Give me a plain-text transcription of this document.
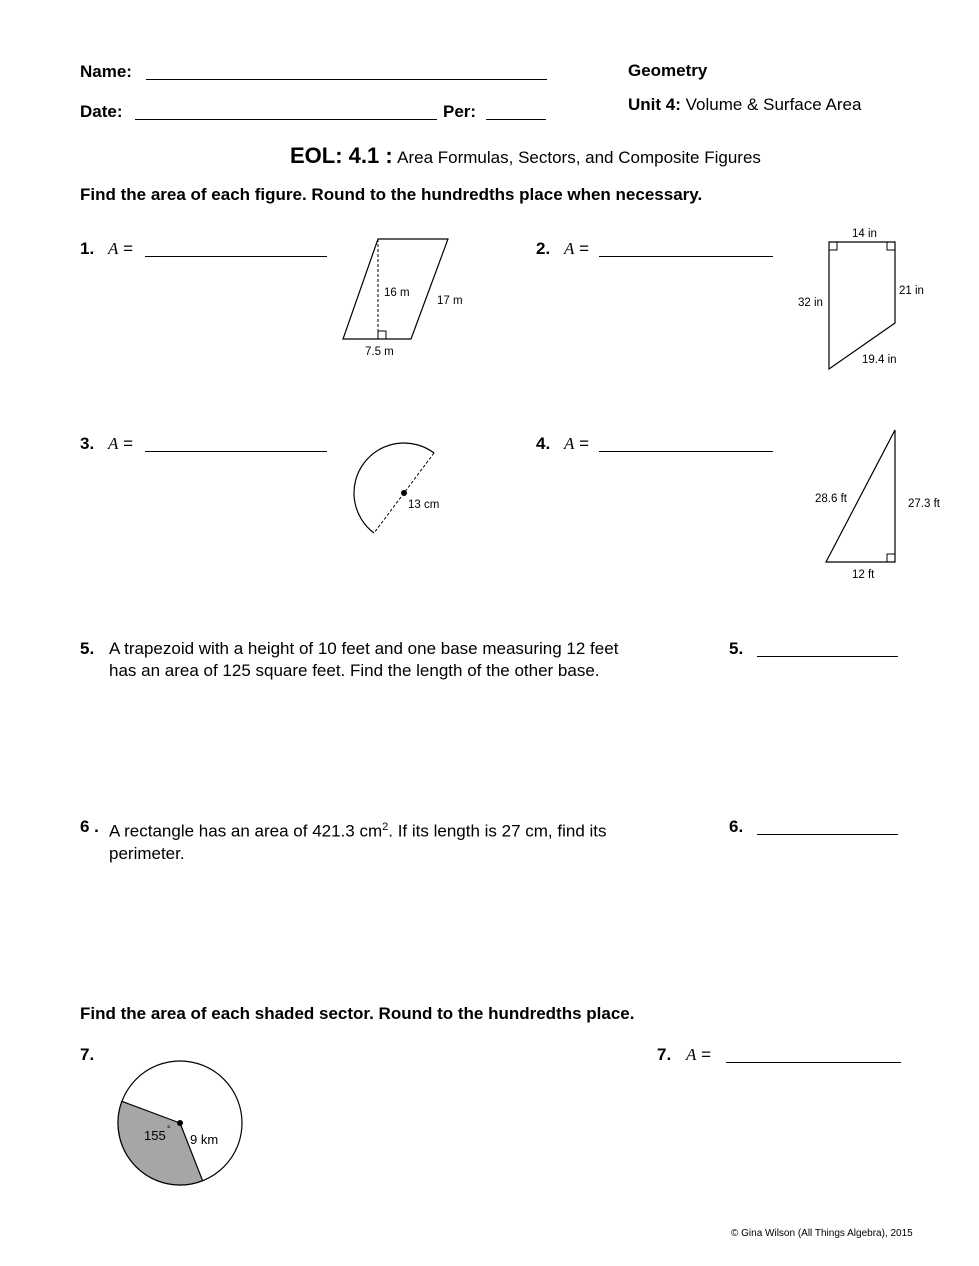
Name:
Date:	Per:
Geometry
Unit 4: Volume & Surface Area
EOL: 4.1 : Area Formulas, Sectors, and Composite Figures
Find the area of each figure. Round to the hundredths place when necessary.
1. A =
16 m
17 m
7.5 m
2. A =
14 in
32 in
21 in
19.4 in
3. A =
13 cm
4. A =
28.6 ft	27.3 ft
12 ft
5. A trapezoid with a height of 10 feet and one base measuring 12 feet
has an area of 125 square feet. Find the length of the other base.
5.
6 . A rectangle has an area of 421.3 $cm^2$. If its length is 27 cm, find its
perimeter.
6.
Find the area of each shaded sector. Round to the hundredths place.
7.	7. A =
155 °
9 km
© Gina Wilson (All Things Algebra), 2015
